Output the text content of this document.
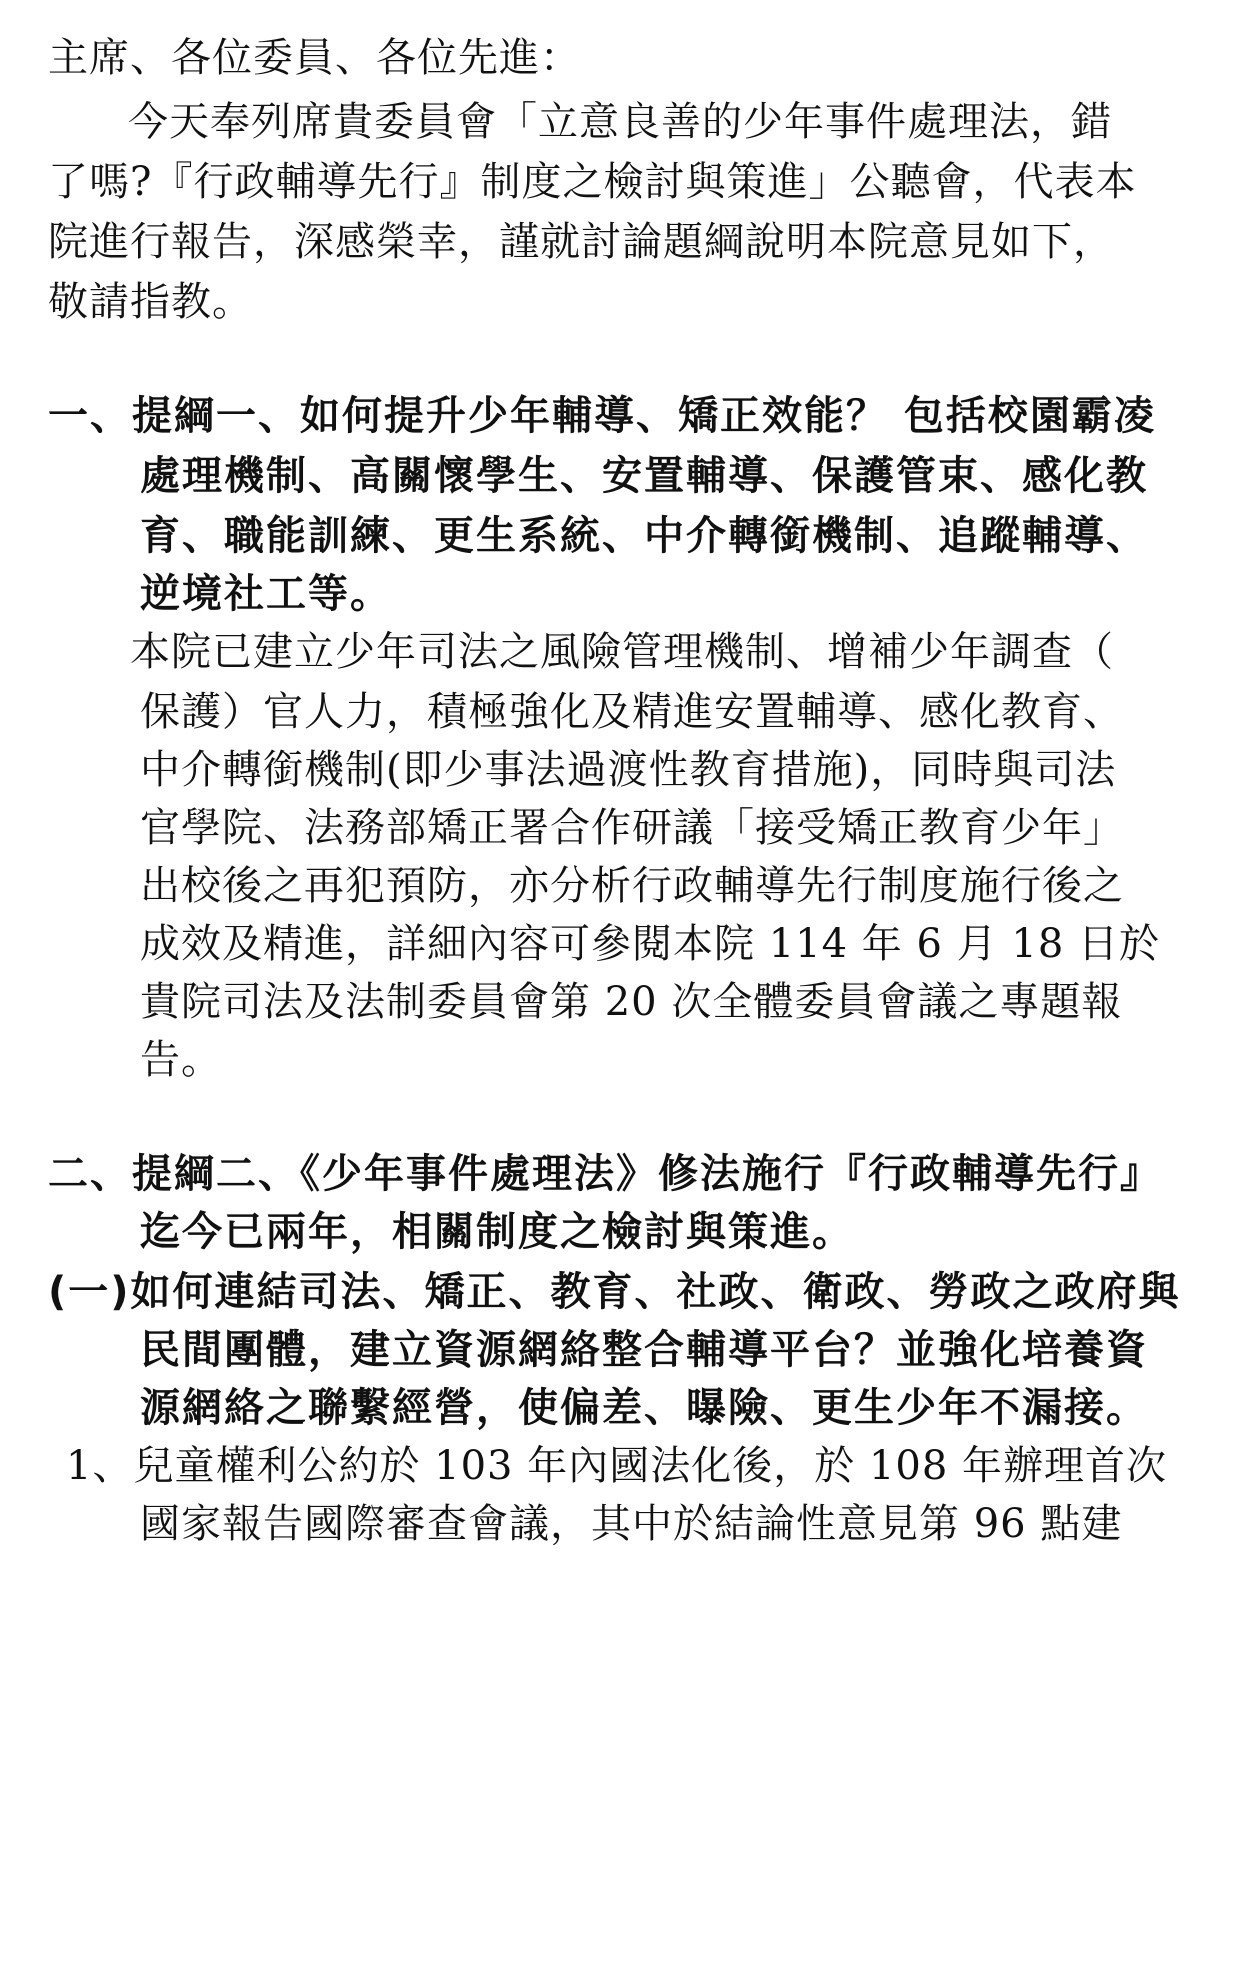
主席、各位委員、各位先進：
今天奉列席貴委員會「立意良善的少年事件處理法，錯
了嗎?『行政輔導先行』制度之檢討與策進」公聽會，代表本
院進行報告，深感榮幸，謹就討論題綱說明本院意見如下，
敬請指教。
一、提綱一、如何提升少年輔導、矯正效能？ 包括校園霸凌
處理機制、高關懷學生、安置輔導、保護管束、感化教
育、職能訓練、更生系統、中介轉銜機制、追蹤輔導、
逆境社工等。
本院已建立少年司法之風險管理機制、增補少年調查（
保護）官人力，積極強化及精進安置輔導、感化教育、
中介轉銜機制(即少事法過渡性教育措施)，同時與司法
官學院、法務部矯正署合作研議「接受矯正教育少年」
出校後之再犯預防，亦分析行政輔導先行制度施行後之
成效及精進，詳細內容可參閱本院 114 年 6 月 18 日於
貴院司法及法制委員會第 20 次全體委員會議之專題報
告。
二、提綱二、《少年事件處理法》修法施行『行政輔導先行』
迄今已兩年，相關制度之檢討與策進。
(一)如何連結司法、矯正、教育、社政、衛政、勞政之政府與
民間團體，建立資源網絡整合輔導平台？並強化培養資
源網絡之聯繫經營，使偏差、曝險、更生少年不漏接。
1、兒童權利公約於 103 年內國法化後，於 108 年辦理首次
國家報告國際審查會議，其中於結論性意見第 96 點建
